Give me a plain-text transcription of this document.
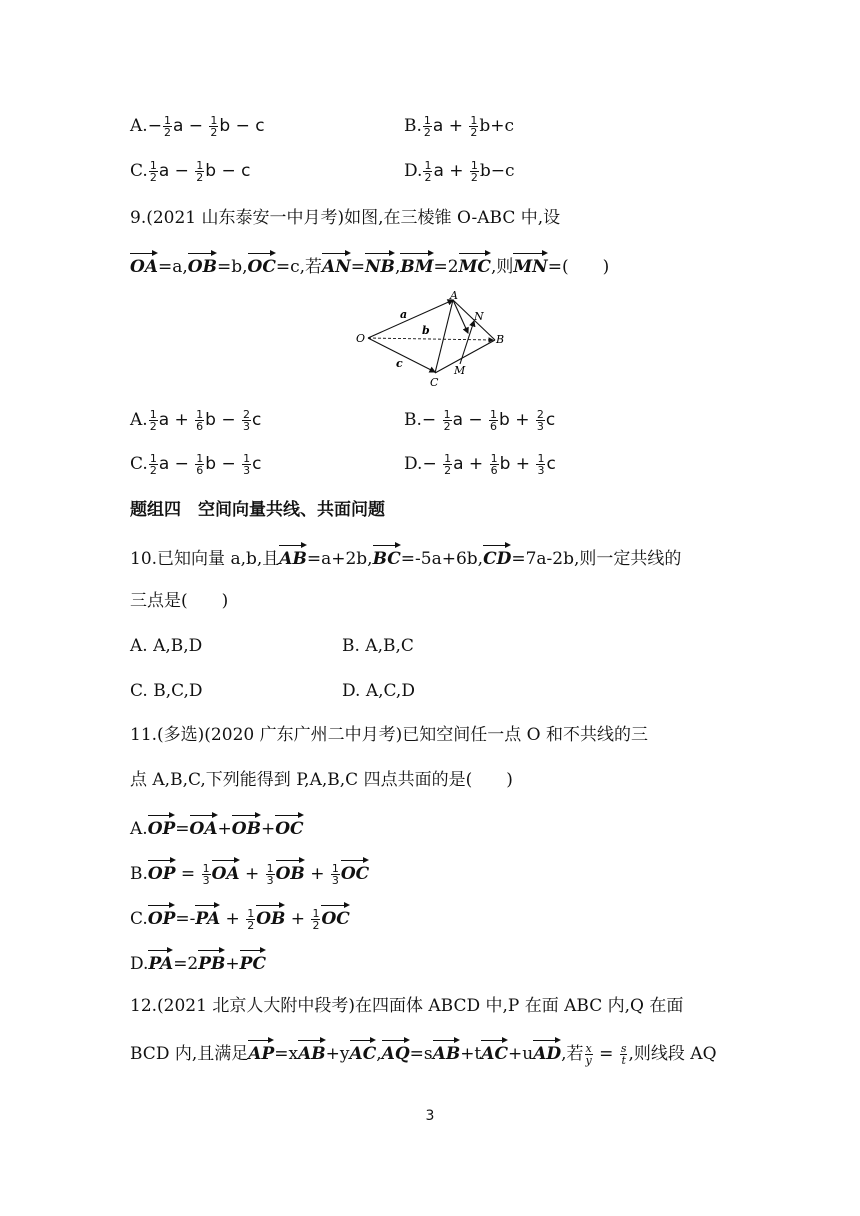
$A.- \frac{1}{2}$ $a - \frac{1}{2}$ b − c	B. $\frac{1}{2}$ $a + \frac{1}{2} b+c$
C. $\frac{1}{2}$ $a - \frac{1}{2}$ b − c	D. $\frac{1}{2}$ $a + \frac{1}{2} b-c$
9.(2021 山东泰安一中月考)如图,在三棱锥 O-ABC 中,设
OA=a,OB=b,OC=c,若AN=NB,BM=2MC,则MN=(　　)
O
A
B
C
N
M
a
b
c
A. $\frac{1}{2}$ $a + \frac{1}{6}$ $b - \frac{2}{3}$ c	$B.- \frac{1}{2}$ $a - \frac{1}{6}$ $b + \frac{2}{3}$ c
C. $\frac{1}{2}$ $a - \frac{1}{6}$ $b - \frac{1}{3}$ c	$D.- \frac{1}{2}$ $a + \frac{1}{6}$ $b + \frac{1}{3}$ c
题组四　空间向量共线、共面问题
10.已知向量 a,b,且AB=a+2b,BC=-5a+6b,CD=7a-2b,则一定共线的
三点是(　　)
A. A,B,D	B. A,B,C
C. B,C,D	D. A,C,D
11.(多选)(2020 广东广州二中月考)已知空间任一点 O 和不共线的三
点 A,B,C,下列能得到 P,A,B,C 四点共面的是(　　)
A.OP=OA+OB+OC
$B.OP = \frac{1}{3}$ OA + $\frac{1}{3}$ OB + $\frac{1}{3}$ OC
$C.OP=-PA + \frac{1}{2}$ OB + $\frac{1}{2}$ OC
D.PA=2PB+PC
12.(2021 北京人大附中段考)在四面体 ABCD 中,P 在面 ABC 内,Q 在面
BCD 内,且满足AP=xAB+yAC,AQ=sAB+tAC+uAD,若 $\frac{x}{y} = \frac{s}{t}$ ,则线段 AQ
3
